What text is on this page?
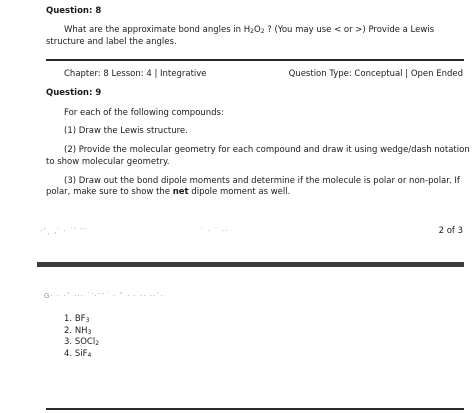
Question: 8
What are the approximate bond angles in $H_2O_2$ ? (You may use < or >) Provide a Lewis
structure and label the angles.
Chapter: 8 Lesson: 4 | Integrative	Question Type: Conceptual | Open Ended
Question: 9
For each of the following compounds:
(1) Draw the Lewis structure.
(2) Provide the molecular geometry for each compound and draw it using wedge/dash notation
to show molecular geometry.
(3) Draw out the bond dipole moments and determine if the molecule is polar or non-polar. If
polar, make sure to show the net dipole moment as well.
·’¸ ,′ · ˙′ ′′′	˙ · ˙ ··	2 of 3
G· · ·˜ ··· ˙′·′′′˙ · ˜ · · ·· ··´·
1. $BF_3$
2. $NH_3$
3. SOCl$_2$
4. SiF$_4$
